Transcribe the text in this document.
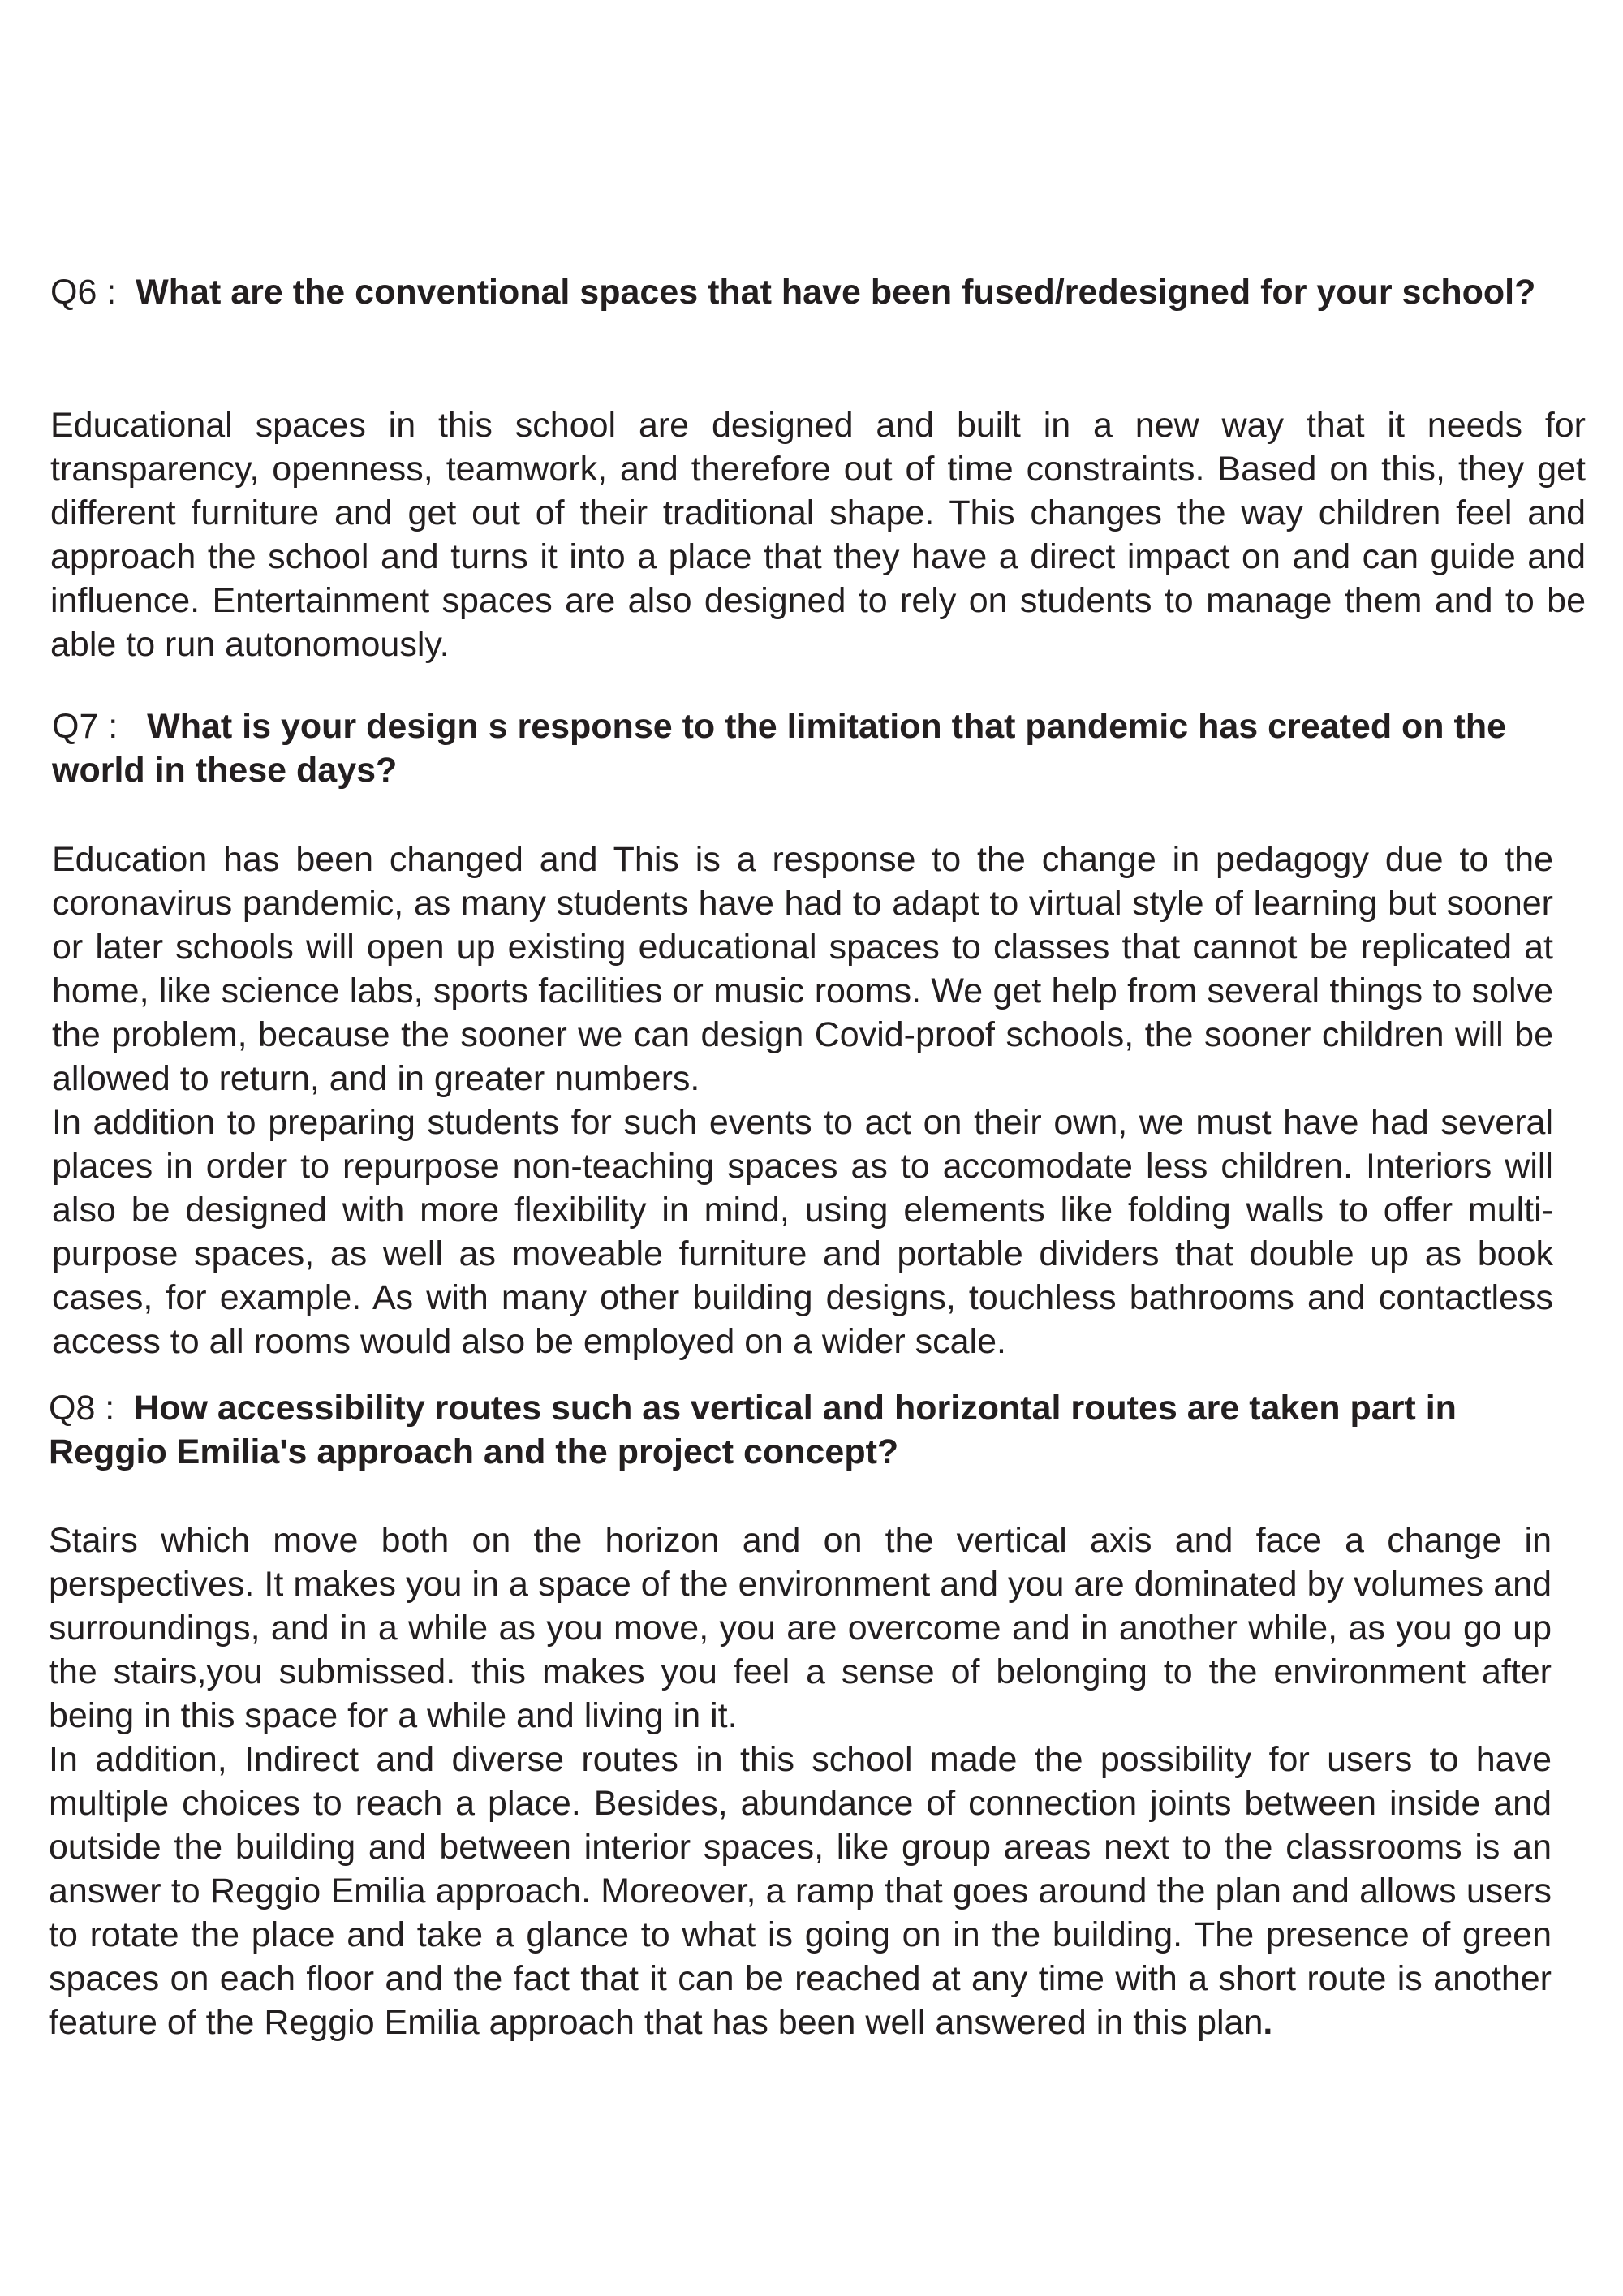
Q6 : What are the conventional spaces that have been fused/redesigned for your school?

Educational spaces in this school are designed and built in a new way that it needs for transparency, openness, teamwork, and therefore out of time constraints. Based on this, they get different furniture and get out of their traditional shape. This changes the way children feel and approach the school and turns it into a place that they have a direct impact on and can guide and influence. Entertainment spaces are also designed to rely on students to manage them and to be able to run autonomously.

Q7 : What is your design s response to the limitation that pandemic has created on the world in these days?

Education has been changed and This is a response to the change in pedagogy due to the coronavirus pandemic, as many students have had to adapt to virtual style of learning but sooner or later schools will open up existing educational spaces to classes that cannot be replicated at home, like science labs, sports facilities or music rooms. We get help from several things to solve the problem, because the sooner we can design Covid-proof schools, the sooner children will be allowed to return, and in greater numbers.

In addition to preparing students for such events to act on their own, we must have had several places in order to repurpose non-teaching spaces as to accomodate less children. Interiors will also be designed with more flexibility in mind, using elements like folding walls to offer multi-purpose spaces, as well as moveable furniture and portable dividers that double up as book cases, for example. As with many other building designs, touchless bathrooms and contactless access to all rooms would also be employed on a wider scale.

Q8 : How accessibility routes such as vertical and horizontal routes are taken part in Reggio Emilia's approach and the project concept?

Stairs which move both on the horizon and on the vertical axis and face a change in perspectives. It makes you in a space of the environment and you are dominated by volumes and surroundings, and in a while as you move, you are overcome and in another while, as you go up the stairs,you submissed. this makes you feel a sense of belonging to the environment after being in this space for a while and living in it.

In addition, Indirect and diverse routes in this school made the possibility for users to have multiple choices to reach a place. Besides, abundance of connection joints between inside and outside the building and between interior spaces, like group areas next to the classrooms is an answer to Reggio Emilia approach. Moreover, a ramp that goes around the plan and allows users to rotate the place and take a glance to what is going on in the building. The presence of green spaces on each floor and the fact that it can be reached at any time with a short route is another feature of the Reggio Emilia approach that has been well answered in this plan.
